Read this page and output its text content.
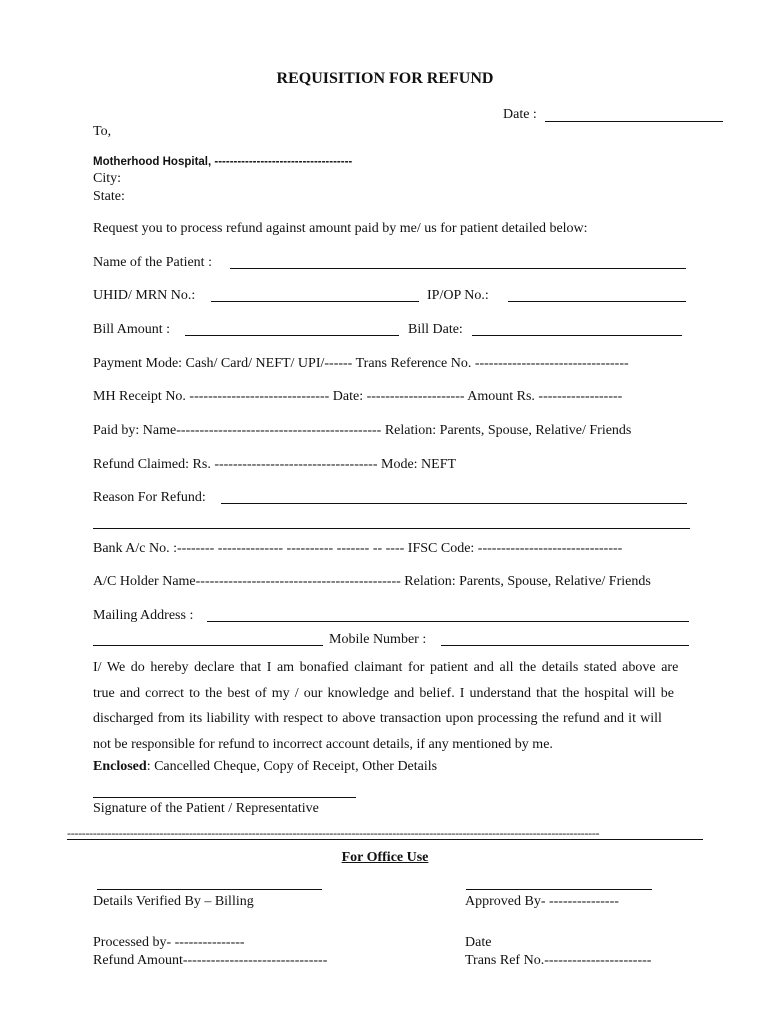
REQUISITION FOR REFUND
Date :
To,
Motherhood Hospital, ------------------------------------
City:
State:
Request you to process refund against amount paid by me/ us for patient detailed below:
Name of the Patient :
UHID/ MRN No.:	IP/OP No.:
Bill Amount :	Bill Date:
Payment Mode: Cash/ Card/ NEFT/ UPI/------ Trans Reference No. ---------------------------------
MH Receipt No. ------------------------------ Date: --------------------- Amount Rs. ------------------
Paid by: Name-------------------------------------------- Relation: Parents, Spouse, Relative/ Friends
Refund Claimed: Rs. ----------------------------------- Mode: NEFT
Reason For Refund:
Bank A/c No. :-------- -------------- ---------- ------- -- ---- IFSC Code: -------------------------------
A/C Holder Name-------------------------------------------- Relation: Parents, Spouse, Relative/ Friends
Mailing Address :
Mobile Number :

I/ We do hereby declare that I am bonafied claimant for patient and all the details stated above are

true and correct to the best of my / our knowledge and belief. I understand that the hospital will be

discharged from its liability with respect to above transaction upon processing the refund and it will

not be responsible for refund to incorrect account details, if any mentioned by me.

Enclosed: Cancelled Cheque, Copy of Receipt, Other Details
Signature of the Patient / Representative
------------------------------------------------------------------------------------------------------------------------------------------------
For Office Use
Details Verified By – Billing	Approved By- ---------------
Processed by- ---------------	Date
Refund Amount-------------------------------	Trans Ref No.-----------------------
